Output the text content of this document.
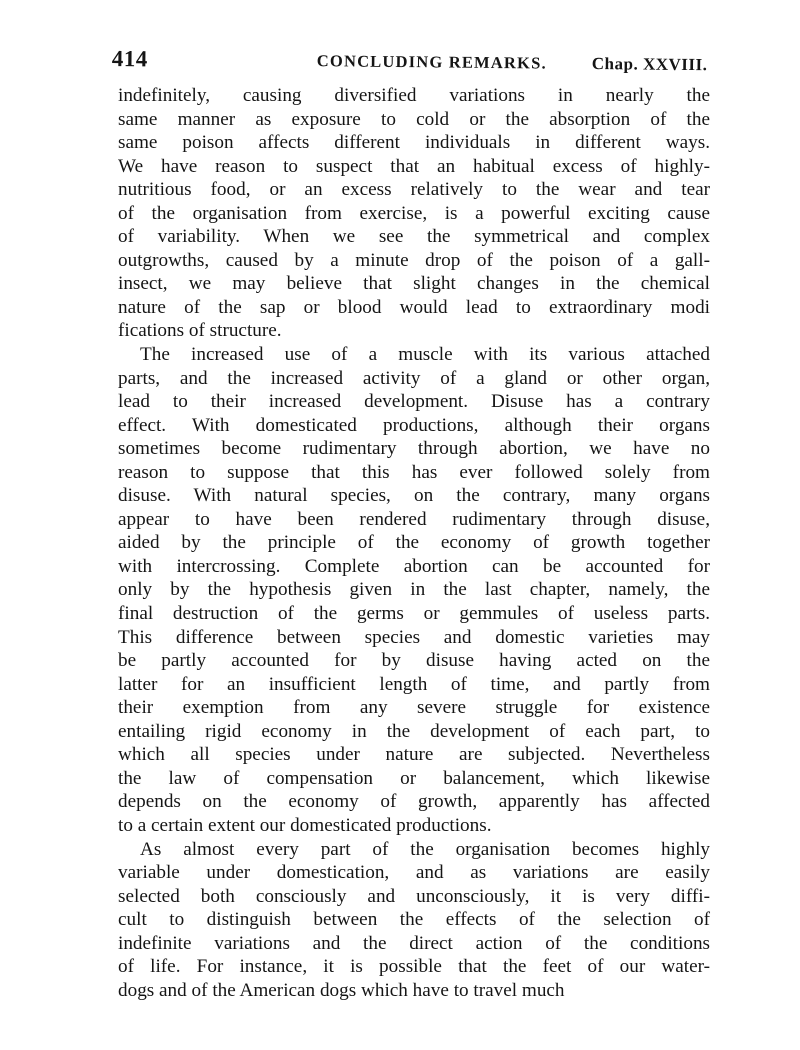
414	CONCLUDING REMARKS.	Chap. XXVIII.
indefinitely, causing diversified variations in nearly the
same manner as exposure to cold or the absorption of the
same poison affects different individuals in different ways.
We have reason to suspect that an habitual excess of highly-
nutritious food, or an excess relatively to the wear and tear
of the organisation from exercise, is a powerful exciting cause
of variability. When we see the symmetrical and complex
outgrowths, caused by a minute drop of the poison of a gall-
insect, we may believe that slight changes in the chemical
nature of the sap or blood would lead to extraordinary modi
fications of structure.
The increased use of a muscle with its various attached
parts, and the increased activity of a gland or other organ,
lead to their increased development. Disuse has a contrary
effect. With domesticated productions, although their organs
sometimes become rudimentary through abortion, we have no
reason to suppose that this has ever followed solely from
disuse. With natural species, on the contrary, many organs
appear to have been rendered rudimentary through disuse,
aided by the principle of the economy of growth together
with intercrossing. Complete abortion can be accounted for
only by the hypothesis given in the last chapter, namely, the
final destruction of the germs or gemmules of useless parts.
This difference between species and domestic varieties may
be partly accounted for by disuse having acted on the
latter for an insufficient length of time, and partly from
their exemption from any severe struggle for existence
entailing rigid economy in the development of each part, to
which all species under nature are subjected. Nevertheless
the law of compensation or balancement, which likewise
depends on the economy of growth, apparently has affected
to a certain extent our domesticated productions.
As almost every part of the organisation becomes highly
variable under domestication, and as variations are easily
selected both consciously and unconsciously, it is very diffi-
cult to distinguish between the effects of the selection of
indefinite variations and the direct action of the conditions
of life. For instance, it is possible that the feet of our water-
dogs and of the American dogs which have to travel much
